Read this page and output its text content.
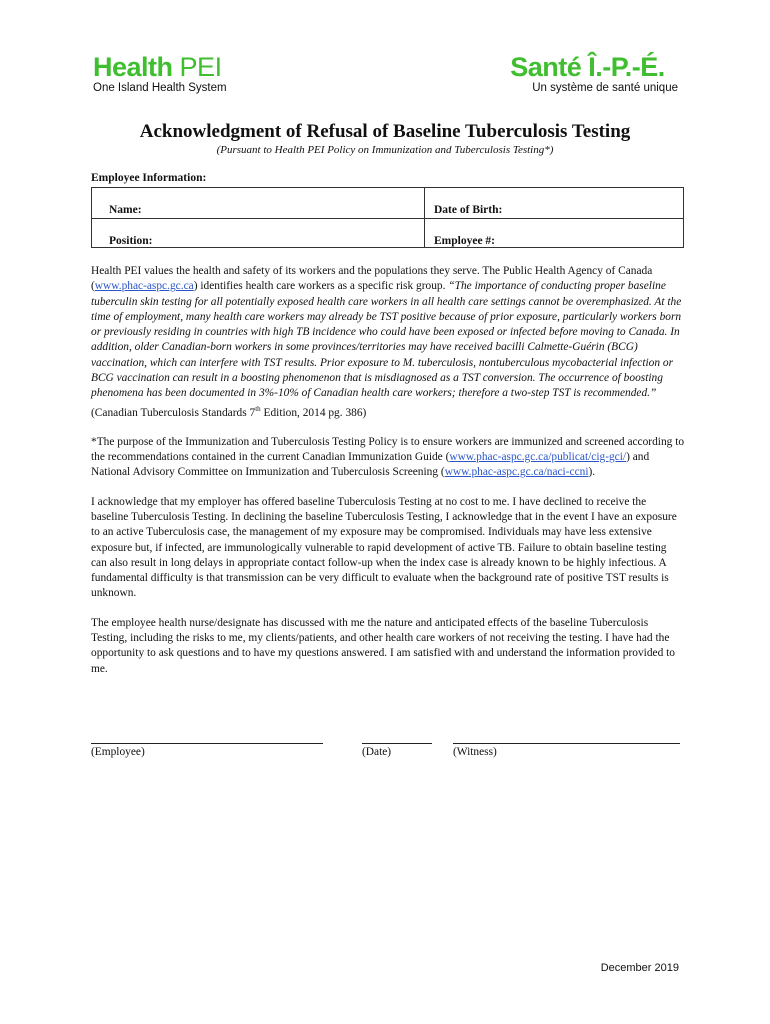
Health PEI
One Island Health System
Santé Î.-P.-É.
Un système de santé unique
Acknowledgment of Refusal of Baseline Tuberculosis Testing
(Pursuant to Health PEI Policy on Immunization and Tuberculosis Testing*)
Employee Information:
Name:	Date of Birth:
Position:	Employee #:

Health PEI values the health and safety of its workers and the populations they serve. The Public Health Agency of Canada (www.phac-aspc.gc.ca) identifies health care workers as a specific risk group. “The importance of conducting proper baseline tuberculin skin testing for all potentially exposed health care workers in all health care settings cannot be overemphasized. At the time of employment, many health care workers may already be TST positive because of prior exposure, particularly workers born or previously residing in countries with high TB incidence who could have been exposed or infected before moving to Canada. In addition, older Canadian-born workers in some provinces/territories may have received bacilli Calmette-Guérin (BCG) vaccination, which can interfere with TST results. Prior exposure to M. tuberculosis, nontuberculous mycobacterial infection or BCG vaccination can result in a boosting phenomenon that is misdiagnosed as a TST conversion. The occurrence of boosting phenomena has been documented in 3%-10% of Canadian health care workers; therefore a two-step TST is recommended.” (Canadian Tuberculosis Standards 7th Edition, 2014 pg. 386)

*The purpose of the Immunization and Tuberculosis Testing Policy is to ensure workers are immunized and screened according to the recommendations contained in the current Canadian Immunization Guide (www.phac-aspc.gc.ca/publicat/cig-gci/) and National Advisory Committee on Immunization and Tuberculosis Screening (www.phac-aspc.gc.ca/naci-ccni).

I acknowledge that my employer has offered baseline Tuberculosis Testing at no cost to me. I have declined to receive the baseline Tuberculosis Testing. In declining the baseline Tuberculosis Testing, I acknowledge that in the event I have an exposure to an active Tuberculosis case, the management of my exposure may be compromised. Individuals may have less extensive exposure but, if infected, are immunologically vulnerable to rapid development of active TB. Failure to obtain baseline testing can also result in long delays in appropriate contact follow-up when the index case is already known to be highly infectious. A fundamental difficulty is that transmission can be very difficult to evaluate when the background rate of positive TST results is unknown.

The employee health nurse/designate has discussed with me the nature and anticipated effects of the baseline Tuberculosis Testing, including the risks to me, my clients/patients, and other health care workers of not receiving the testing. I have had the opportunity to ask questions and to have my questions answered. I am satisfied with and understand the information provided to me.

(Employee)	(Date)	(Witness)
December 2019
